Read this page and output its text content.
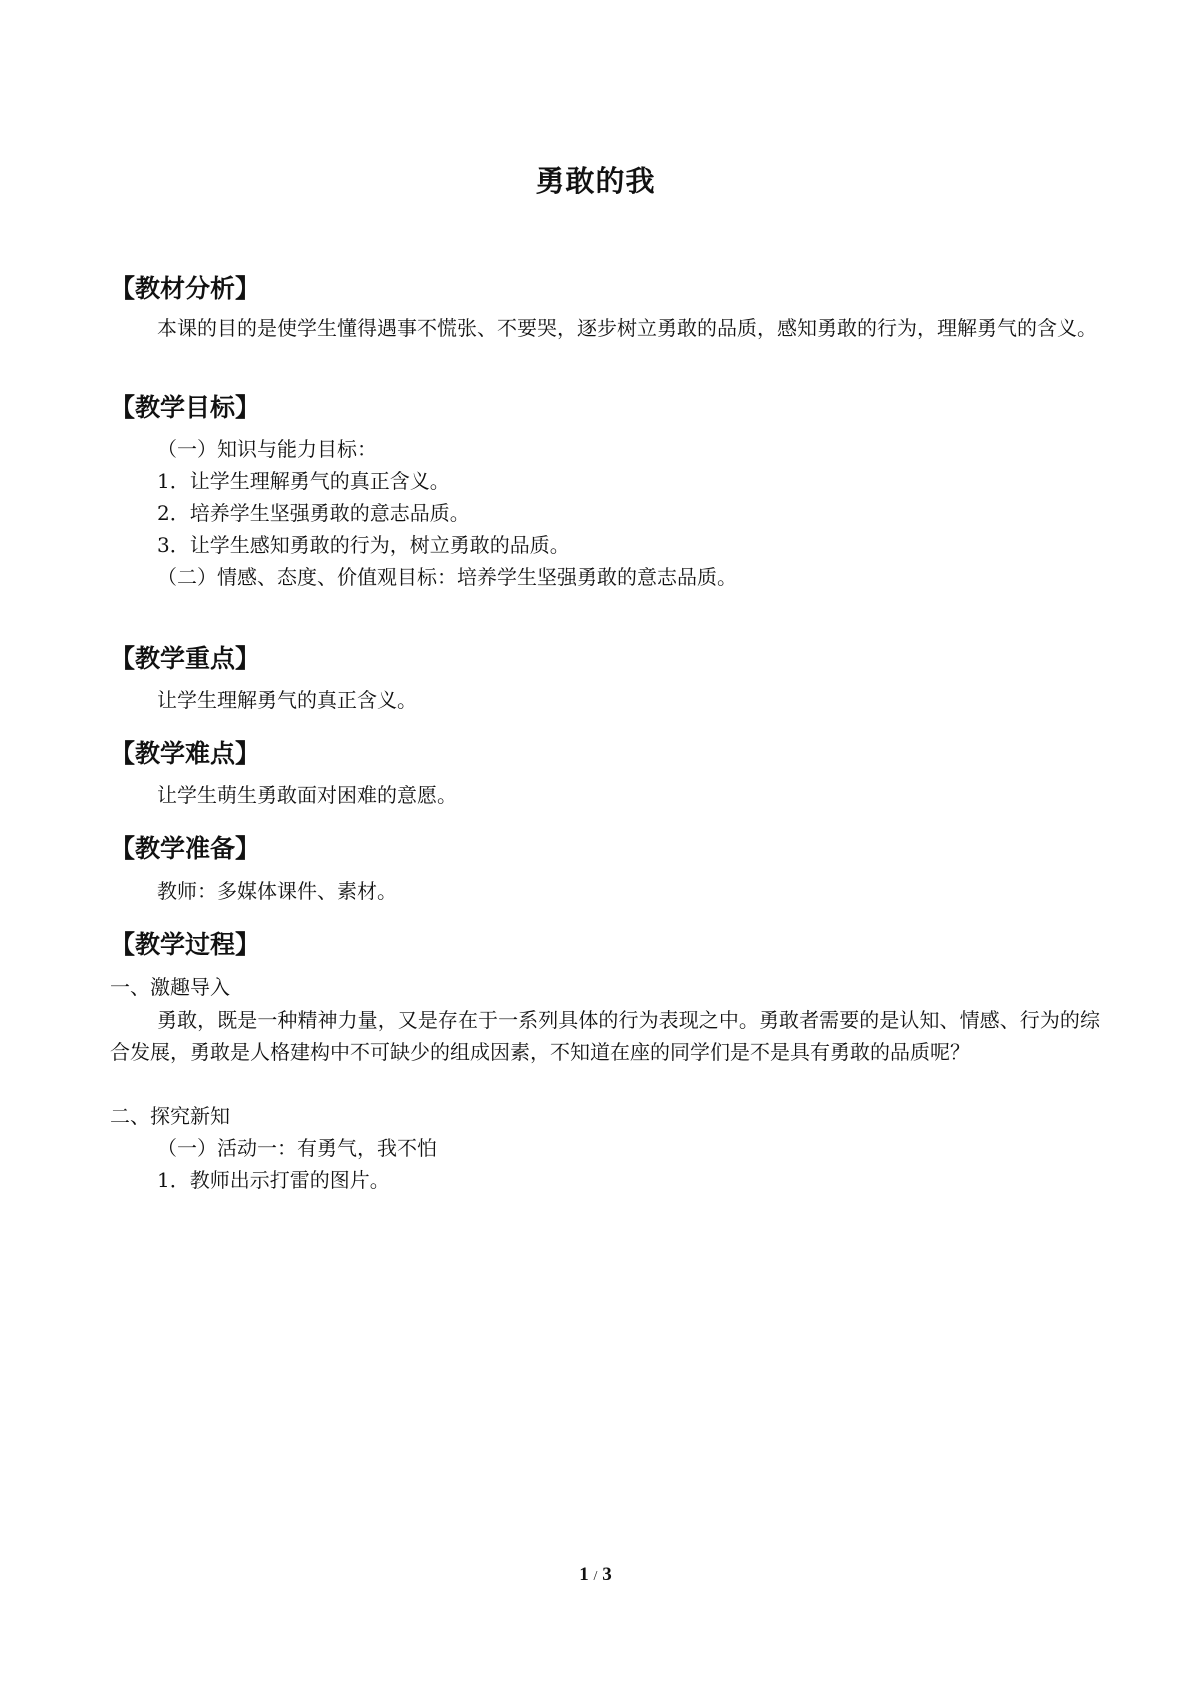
勇敢的我
【教材分析】
本课的目的是使学生懂得遇事不慌张、不要哭，逐步树立勇敢的品质，感知勇敢的行为，理解勇气的含义。
【教学目标】
（一）知识与能力目标：
1．让学生理解勇气的真正含义。
2．培养学生坚强勇敢的意志品质。
3．让学生感知勇敢的行为，树立勇敢的品质。
（二）情感、态度、价值观目标：培养学生坚强勇敢的意志品质。
【教学重点】
让学生理解勇气的真正含义。
【教学难点】
让学生萌生勇敢面对困难的意愿。
【教学准备】
教师：多媒体课件、素材。
【教学过程】
一、激趣导入
勇敢，既是一种精神力量，又是存在于一系列具体的行为表现之中。勇敢者需要的是认知、情感、行为的综合发展，勇敢是人格建构中不可缺少的组成因素，不知道在座的同学们是不是具有勇敢的品质呢？
二、探究新知
（一）活动一：有勇气，我不怕
1．教师出示打雷的图片。
1 / 3
